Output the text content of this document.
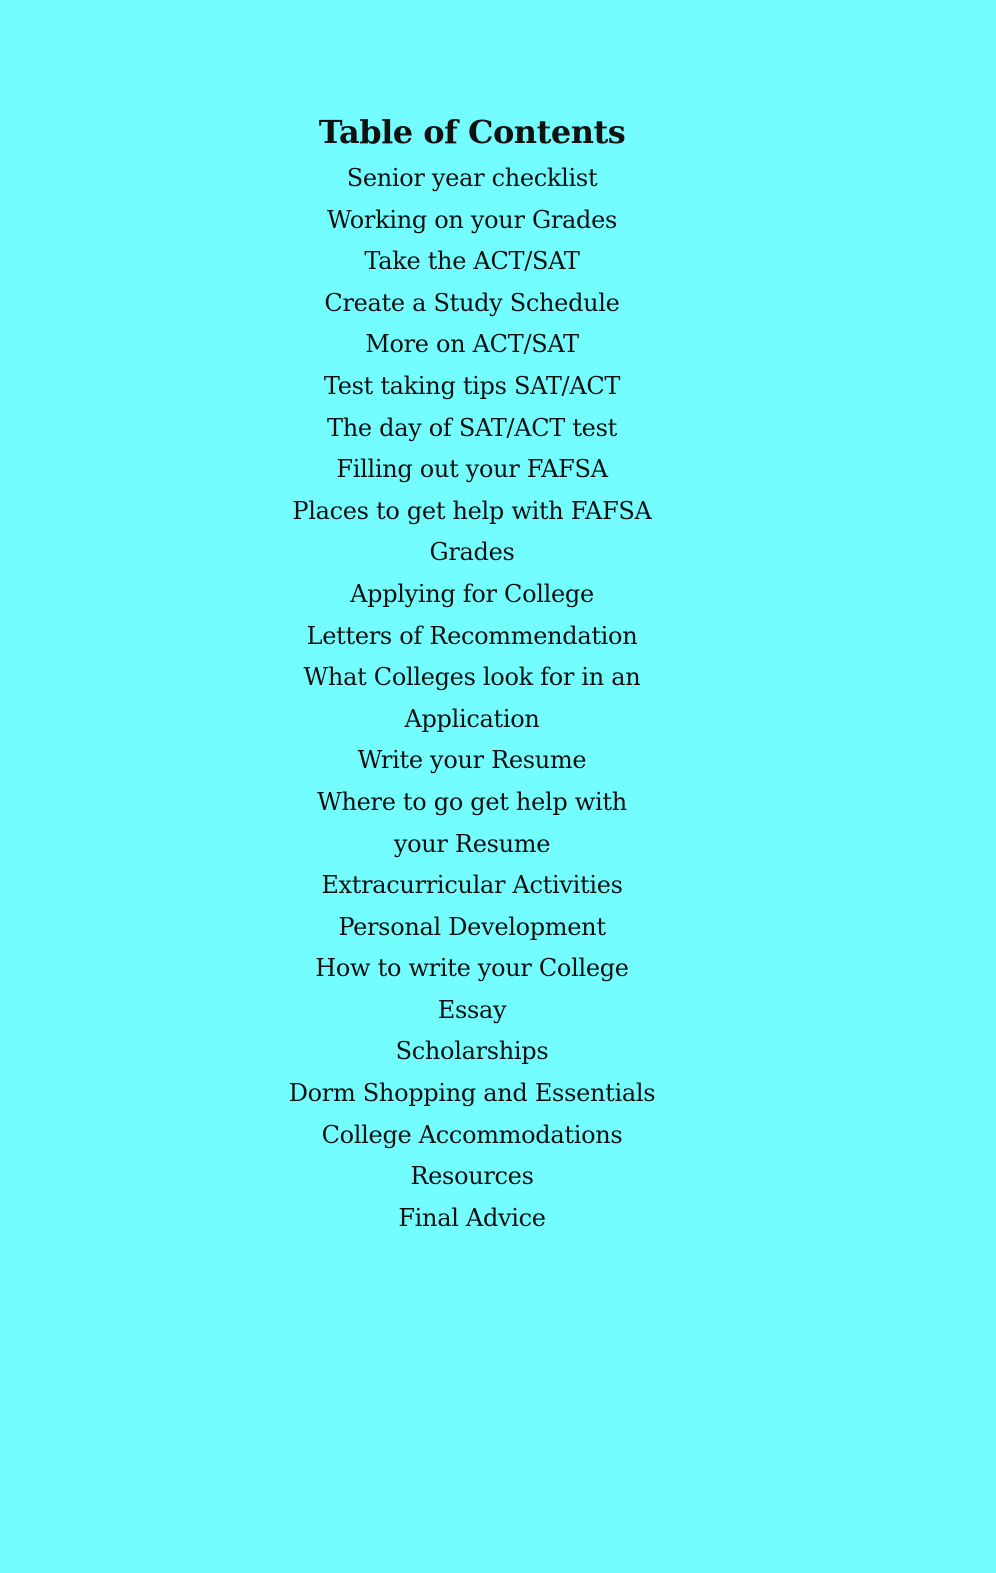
Table of Contents
Senior year checklist
Working on your Grades
Take the ACT/SAT
Create a Study Schedule
More on ACT/SAT
Test taking tips SAT/ACT
The day of SAT/ACT test
Filling out your FAFSA
Places to get help with FAFSA
Grades
Applying for College
Letters of Recommendation
What Colleges look for in an Application
Write your Resume
Where to go get help with your Resume
Extracurricular Activities
Personal Development
How to write your College Essay
Scholarships
Dorm Shopping and Essentials
College Accommodations
Resources
Final Advice
